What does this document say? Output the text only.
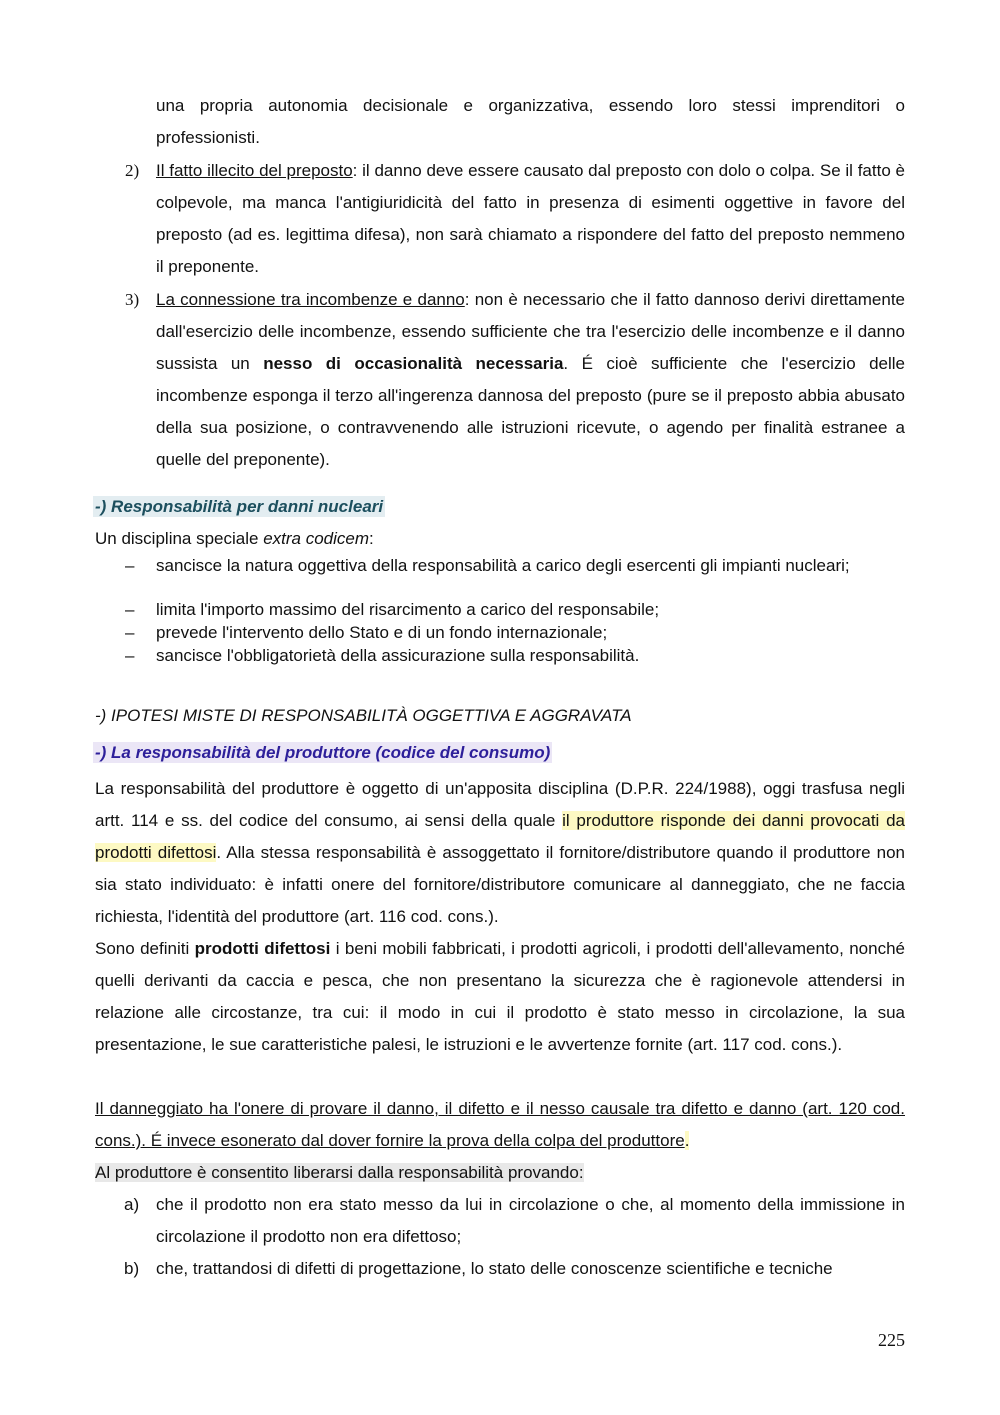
una propria autonomia decisionale e organizzativa, essendo loro stessi imprenditori o professionisti.

2) Il fatto illecito del preposto: il danno deve essere causato dal preposto con dolo o colpa. Se il fatto è colpevole, ma manca l'antigiuridicità del fatto in presenza di esimenti oggettive in favore del preposto (ad es. legittima difesa), non sarà chiamato a rispondere del fatto del preposto nemmeno il preponente.

3) La connessione tra incombenze e danno: non è necessario che il fatto dannoso derivi direttamente dall'esercizio delle incombenze, essendo sufficiente che tra l'esercizio delle incombenze e il danno sussista un nesso di occasionalità necessaria. É cioè sufficiente che l'esercizio delle incombenze esponga il terzo all'ingerenza dannosa del preposto (pure se il preposto abbia abusato della sua posizione, o contravvenendo alle istruzioni ricevute, o agendo per finalità estranee a quelle del preponente).

-) Responsabilità per danni nucleari

Un disciplina speciale extra codicem:

– sancisce la natura oggettiva della responsabilità a carico degli esercenti gli impianti nucleari;

– limita l'importo massimo del risarcimento a carico del responsabile;

– prevede l'intervento dello Stato e di un fondo internazionale;

– sancisce l'obbligatorietà della assicurazione sulla responsabilità.

-) IPOTESI MISTE DI RESPONSABILITÀ OGGETTIVA E AGGRAVATA

-) La responsabilità del produttore (codice del consumo)

La responsabilità del produttore è oggetto di un'apposita disciplina (D.P.R. 224/1988), oggi trasfusa negli artt. 114 e ss. del codice del consumo, ai sensi della quale il produttore risponde dei danni provocati da prodotti difettosi. Alla stessa responsabilità è assoggettato il fornitore/distributore quando il produttore non sia stato individuato: è infatti onere del fornitore/distributore comunicare al danneggiato, che ne faccia richiesta, l'identità del produttore (art. 116 cod. cons.).

Sono definiti prodotti difettosi i beni mobili fabbricati, i prodotti agricoli, i prodotti dell'allevamento, nonché quelli derivanti da caccia e pesca, che non presentano la sicurezza che è ragionevole attendersi in relazione alle circostanze, tra cui: il modo in cui il prodotto è stato messo in circolazione, la sua presentazione, le sue caratteristiche palesi, le istruzioni e le avvertenze fornite (art. 117 cod. cons.).

Il danneggiato ha l'onere di provare il danno, il difetto e il nesso causale tra difetto e danno (art. 120 cod. cons.). É invece esonerato dal dover fornire la prova della colpa del produttore.

Al produttore è consentito liberarsi dalla responsabilità provando:

a) che il prodotto non era stato messo da lui in circolazione o che, al momento della immissione in circolazione il prodotto non era difettoso;

b) che, trattandosi di difetti di progettazione, lo stato delle conoscenze scientifiche e tecniche

225
